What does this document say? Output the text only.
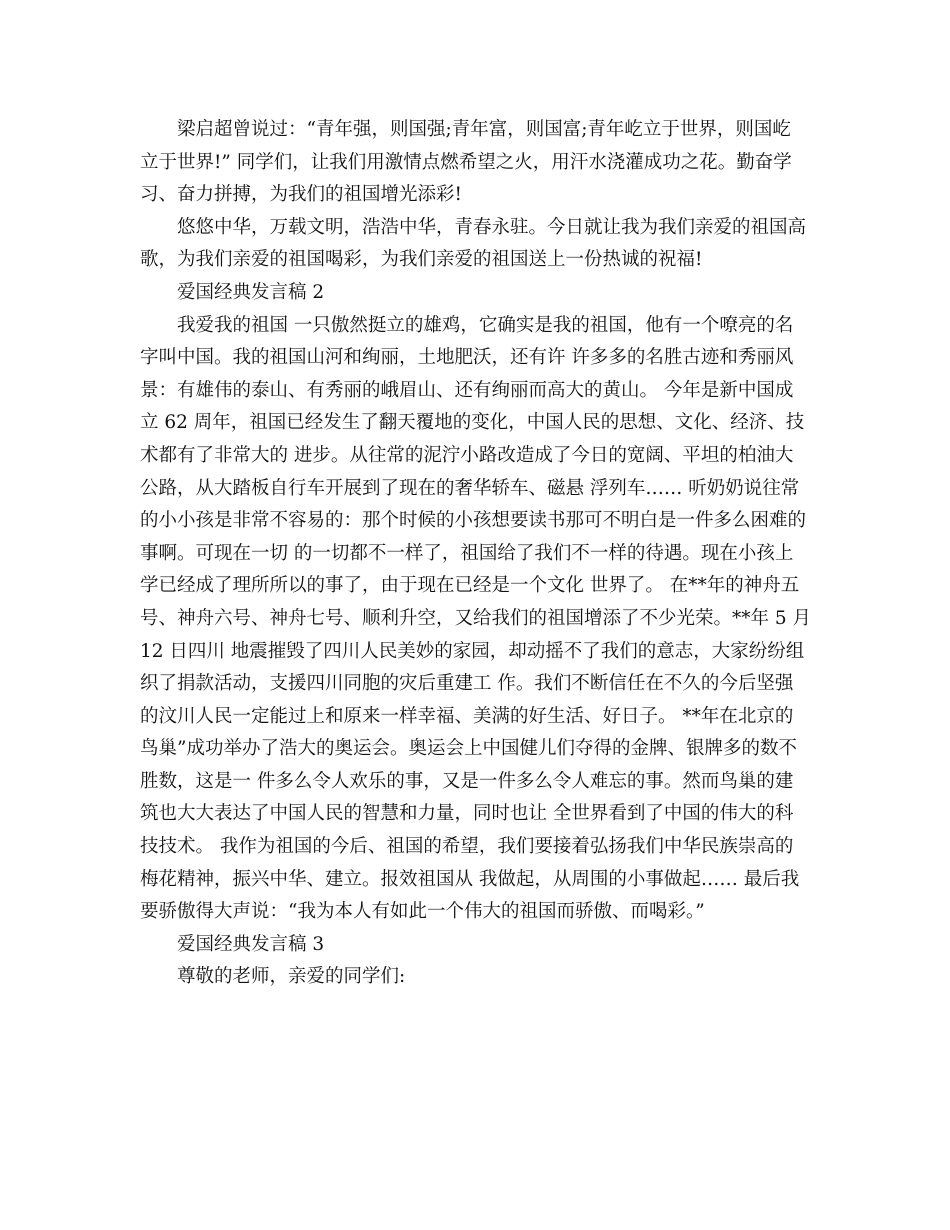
梁启超曾说过：“青年强，则国强;青年富，则国富;青年屹立于世界，则国屹
立于世界!” 同学们，让我们用激情点燃希望之火，用汗水浇灌成功之花。勤奋学
习、奋力拼搏，为我们的祖国增光添彩!

悠悠中华，万载文明，浩浩中华，青春永驻。今日就让我为我们亲爱的祖国高
歌，为我们亲爱的祖国喝彩，为我们亲爱的祖国送上一份热诚的祝福!

爱国经典发言稿 2

我爱我的祖国 一只傲然挺立的雄鸡，它确实是我的祖国，他有一个嘹亮的名
字叫中国。我的祖国山河和绚丽，土地肥沃，还有许 许多多的名胜古迹和秀丽风
景：有雄伟的泰山、有秀丽的峨眉山、还有绚丽而高大的黄山。 今年是新中国成
立 62 周年，祖国已经发生了翻天覆地的变化，中国人民的思想、文化、经济、技
术都有了非常大的 进步。从往常的泥泞小路改造成了今日的宽阔、平坦的柏油大
公路，从大踏板自行车开展到了现在的奢华轿车、磁悬 浮列车…… 听奶奶说往常
的小小孩是非常不容易的：那个时候的小孩想要读书那可不明白是一件多么困难的
事啊。可现在一切 的一切都不一样了，祖国给了我们不一样的待遇。现在小孩上
学已经成了理所所以的事了，由于现在已经是一个文化 世界了。 在**年的神舟五
号、神舟六号、神舟七号、顺利升空，又给我们的祖国增添了不少光荣。**年 5 月
12 日四川 地震摧毁了四川人民美妙的家园，却动摇不了我们的意志，大家纷纷组
织了捐款活动，支援四川同胞的灾后重建工 作。我们不断信任在不久的今后坚强
的汶川人民一定能过上和原来一样幸福、美满的好生活、好日子。 **年在北京的
鸟巢”成功举办了浩大的奥运会。奥运会上中国健儿们夺得的金牌、银牌多的数不
胜数，这是一 件多么令人欢乐的事，又是一件多么令人难忘的事。然而鸟巢的建
筑也大大表达了中国人民的智慧和力量，同时也让 全世界看到了中国的伟大的科
技技术。 我作为祖国的今后、祖国的希望，我们要接着弘扬我们中华民族崇高的
梅花精神，振兴中华、建立。报效祖国从 我做起，从周围的小事做起…… 最后我
要骄傲得大声说：“我为本人有如此一个伟大的祖国而骄傲、而喝彩。”

爱国经典发言稿 3

尊敬的老师，亲爱的同学们:
